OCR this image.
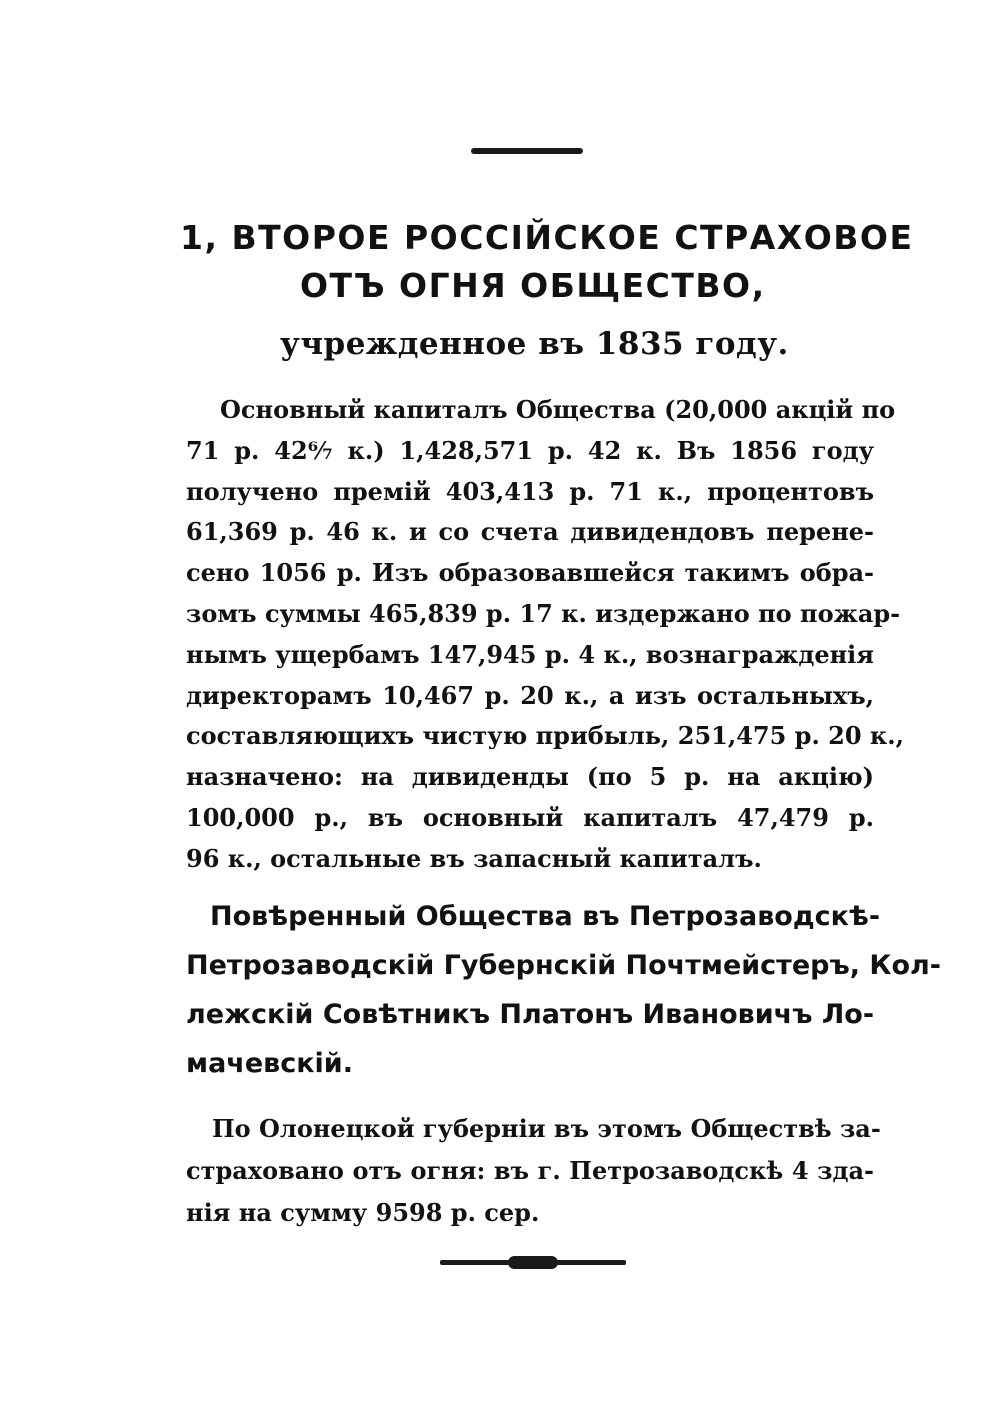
1, ВТОРОЕ РОССІЙСКОЕ СТРАХОВОЕ
ОТЪ ОГНЯ ОБЩЕСТВО,
учрежденное въ 1835 году.
Основный капиталъ Общества (20,000 акцій по
71 р. 42⁶⁄₇ к.) 1,428,571 р. 42 к. Въ 1856 году
получено премій 403,413 р. 71 к., процентовъ
61,369 р. 46 к. и со счета дивидендовъ перене-
сено 1056 р. Изъ образовавшейся такимъ обра-
зомъ суммы 465,839 р. 17 к. издержано по пожар-
нымъ ущербамъ 147,945 р. 4 к., вознагражденія
директорамъ 10,467 р. 20 к., а изъ остальныхъ,
составляющихъ чистую прибыль, 251,475 р. 20 к.,
назначено: на дивиденды (по 5 р. на акцію)
100,000 р., въ основный капиталъ 47,479 р.
96 к., остальные въ запасный капиталъ.
Повѣренный Общества въ Петрозаводскѣ-
Петрозаводскій Губернскій Почтмейстеръ, Кол-
лежскій Совѣтникъ Платонъ Ивановичъ Ло-
мачевскій.
По Олонецкой губерніи въ этомъ Обществѣ за-
страховано отъ огня: въ г. Петрозаводскѣ 4 зда-
нія на сумму 9598 р. сер.
